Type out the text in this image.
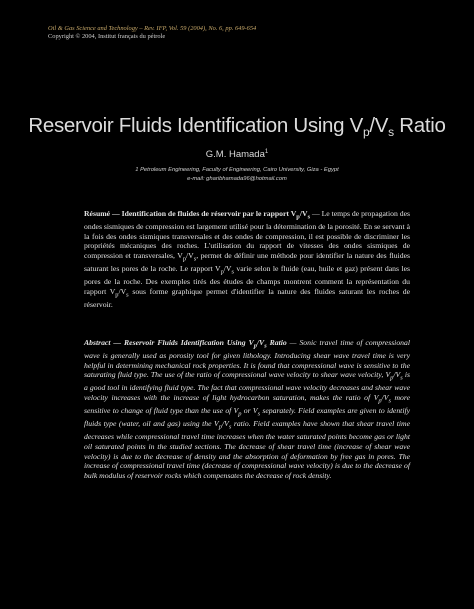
Oil & Gas Science and Technology – Rev. IFP, Vol. 59 (2004), No. 6, pp. 649-654
Copyright © 2004, Institut français du pétrole
Reservoir Fluids Identification Using $V_p/V_s$ Ratio
G.M. Hamada$^1$
1 Petroleum Engineering, Faculty of Engineering, Cairo University, Giza - Egypt
e-mail: gharibhamada96@hotmail.com
Résumé — Identification de fluides de réservoir par le rapport $V_p/V_s$ — Le temps de propagation des ondes sismiques de compression est largement utilisé pour la détermination de la porosité. En se servant à la fois des ondes sismiques transversales et des ondes de compression, il est possible de discriminer les propriétés mécaniques des roches. L'utilisation du rapport de vitesses des ondes sismiques de compression et transversales, $V_p/V_s$, permet de définir une méthode pour identifier la nature des fluides saturant les pores de la roche. Le rapport $V_p/V_s$ varie selon le fluide (eau, huile et gaz) présent dans les pores de la roche. Des exemples tirés des études de champs montrent comment la représentation du rapport $V_p/V_s$ sous forme graphique permet d'identifier la nature des fluides saturant les roches de réservoir.
Abstract — Reservoir Fluids Identification Using $V_p/V_s$ Ratio — Sonic travel time of compressional wave is generally used as porosity tool for given lithology. Introducing shear wave travel time is very helpful in determining mechanical rock properties. It is found that compressional wave is sensitive to the saturating fluid type. The use of the ratio of compressional wave velocity to shear wave velocity, $V_p/V_s$ is a good tool in identifying fluid type. The fact that compressional wave velocity decreases and shear wave velocity increases with the increase of light hydrocarbon saturation, makes the ratio of $V_p/V_s$ more sensitive to change of fluid type than the use of $V_p$ or $V_s$ separately. Field examples are given to identify fluids type (water, oil and gas) using the $V_p/V_s$ ratio. Field examples have shown that shear travel time decreases while compressional travel time increases when the water saturated points become gas or light oil saturated points in the studied sections. The decrease of shear travel time (increase of shear wave velocity) is due to the decrease of density and the absorption of deformation by free gas in pores. The increase of compressional travel time (decrease of compressional wave velocity) is due to the decrease of bulk modulus of reservoir rocks which compensates the decrease of rock density.
